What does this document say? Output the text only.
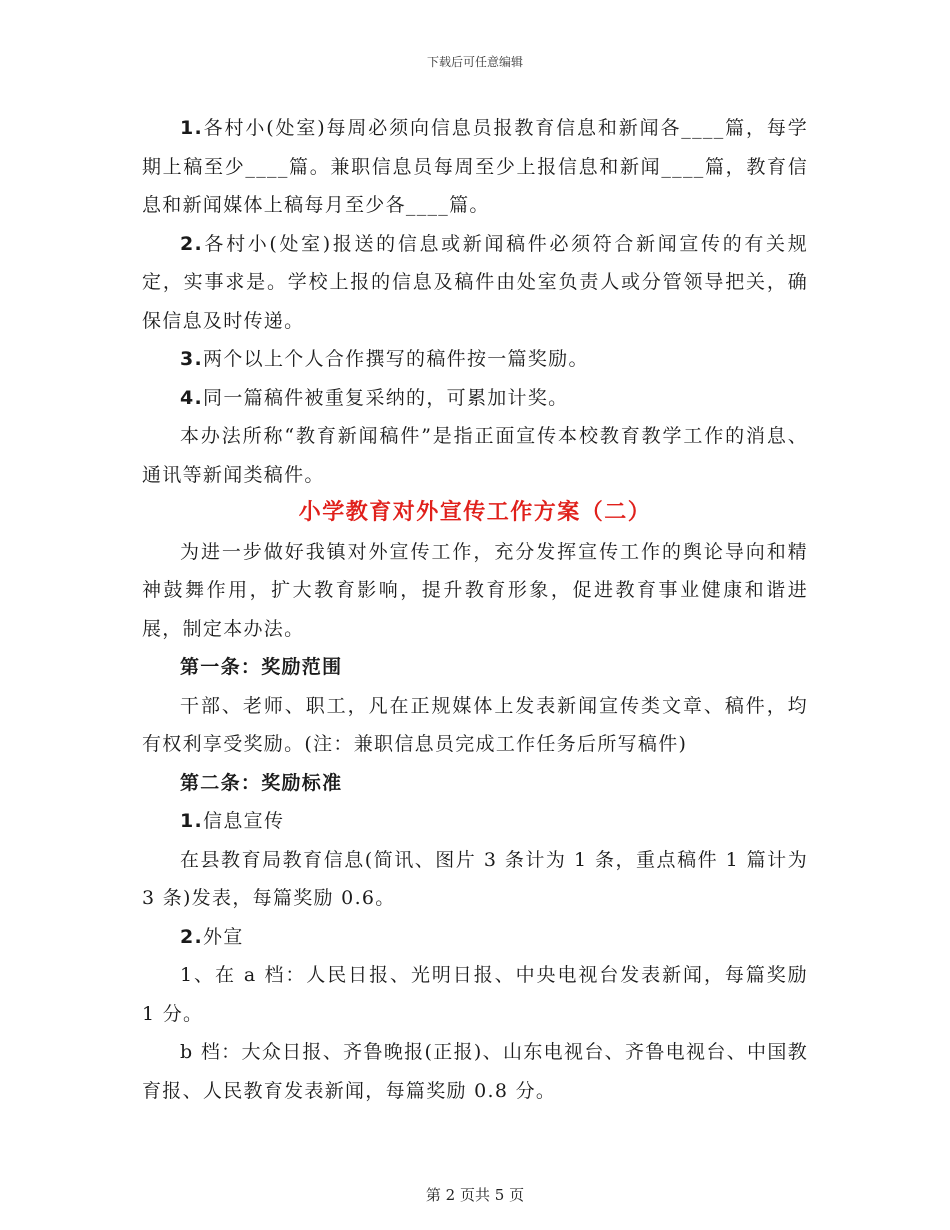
下载后可任意编辑

1.各村小(处室)每周必须向信息员报教育信息和新闻各____篇，每学期上稿至少____篇。兼职信息员每周至少上报信息和新闻____篇，教育信息和新闻媒体上稿每月至少各____篇。

2.各村小(处室)报送的信息或新闻稿件必须符合新闻宣传的有关规定，实事求是。学校上报的信息及稿件由处室负责人或分管领导把关，确保信息及时传递。

3.两个以上个人合作撰写的稿件按一篇奖励。

4.同一篇稿件被重复采纳的，可累加计奖。

本办法所称“教育新闻稿件”是指正面宣传本校教育教学工作的消息、通讯等新闻类稿件。

小学教育对外宣传工作方案（二）

为进一步做好我镇对外宣传工作，充分发挥宣传工作的舆论导向和精神鼓舞作用，扩大教育影响，提升教育形象，促进教育事业健康和谐进展，制定本办法。

第一条：奖励范围

干部、老师、职工，凡在正规媒体上发表新闻宣传类文章、稿件，均有权利享受奖励。(注：兼职信息员完成工作任务后所写稿件)

第二条：奖励标准

1.信息宣传

在县教育局教育信息(简讯、图片 3 条计为 1 条，重点稿件 1 篇计为 3 条)发表，每篇奖励 0.6。

2.外宣

1、在 a 档：人民日报、光明日报、中央电视台发表新闻，每篇奖励 1 分。

b 档：大众日报、齐鲁晚报(正报)、山东电视台、齐鲁电视台、中国教育报、人民教育发表新闻，每篇奖励 0.8 分。

第 2 页共 5 页
